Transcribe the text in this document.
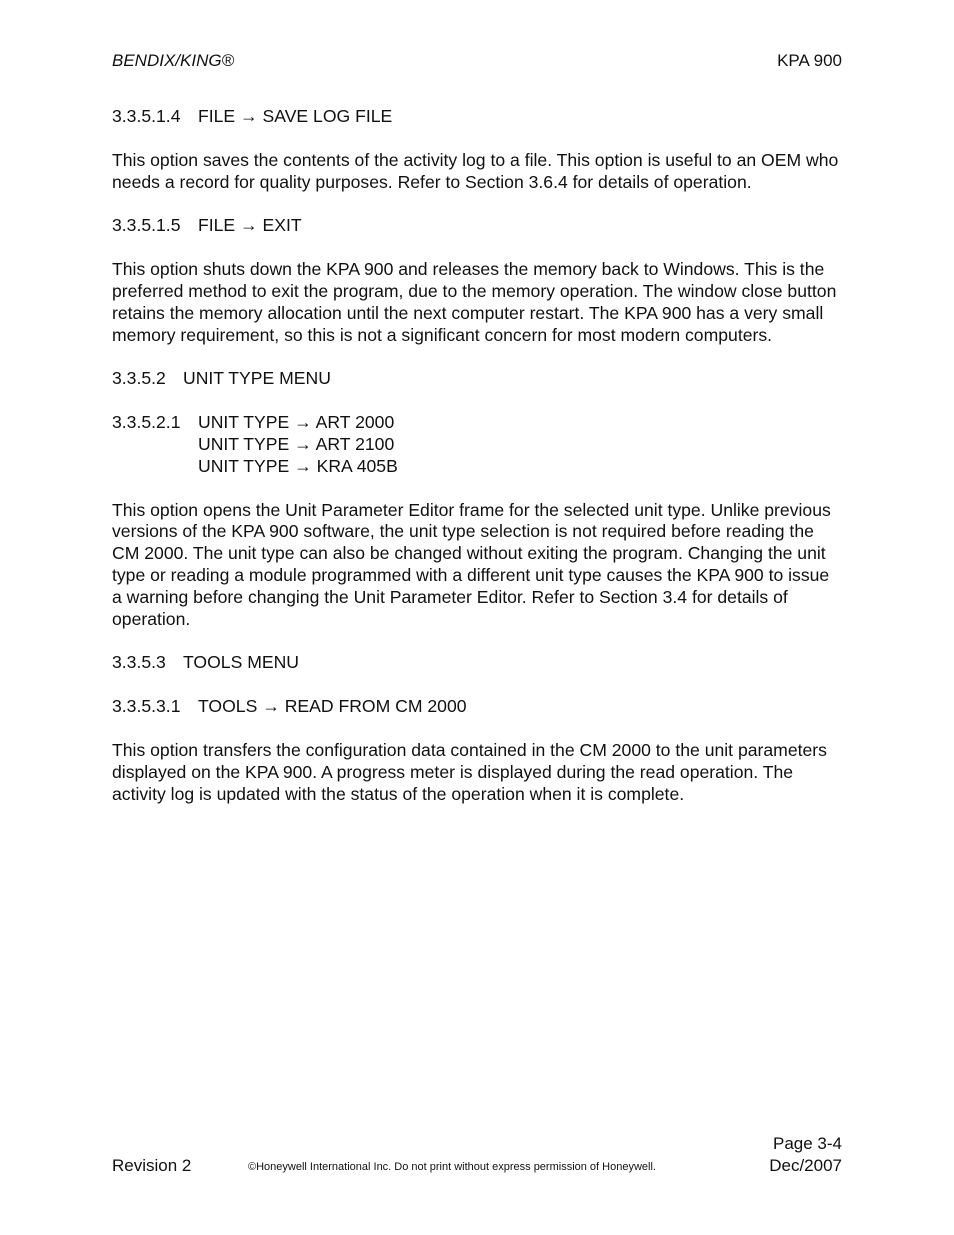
BENDIX/KING®	KPA 900
3.3.5.1.4 FILE → SAVE LOG FILE

This option saves the contents of the activity log to a file. This option is useful to an OEM who needs a record for quality purposes. Refer to Section 3.6.4 for details of operation.

3.3.5.1.5 FILE → EXIT

This option shuts down the KPA 900 and releases the memory back to Windows. This is the preferred method to exit the program, due to the memory operation. The window close button retains the memory allocation until the next computer restart. The KPA 900 has a very small memory requirement, so this is not a significant concern for most modern computers.

3.3.5.2 UNIT TYPE MENU
3.3.5.2.1 UNIT TYPE → ART 2000
UNIT TYPE → ART 2100
UNIT TYPE → KRA 405B

This option opens the Unit Parameter Editor frame for the selected unit type. Unlike previous versions of the KPA 900 software, the unit type selection is not required before reading the CM 2000. The unit type can also be changed without exiting the program. Changing the unit type or reading a module programmed with a different unit type causes the KPA 900 to issue a warning before changing the Unit Parameter Editor. Refer to Section 3.4 for details of operation.

3.3.5.3 TOOLS MENU
3.3.5.3.1 TOOLS → READ FROM CM 2000

This option transfers the configuration data contained in the CM 2000 to the unit parameters displayed on the KPA 900. A progress meter is displayed during the read operation. The activity log is updated with the status of the operation when it is complete.

Revision 2	©Honeywell International Inc. Do not print without express permission of Honeywell.
Page 3-4
Dec/2007
